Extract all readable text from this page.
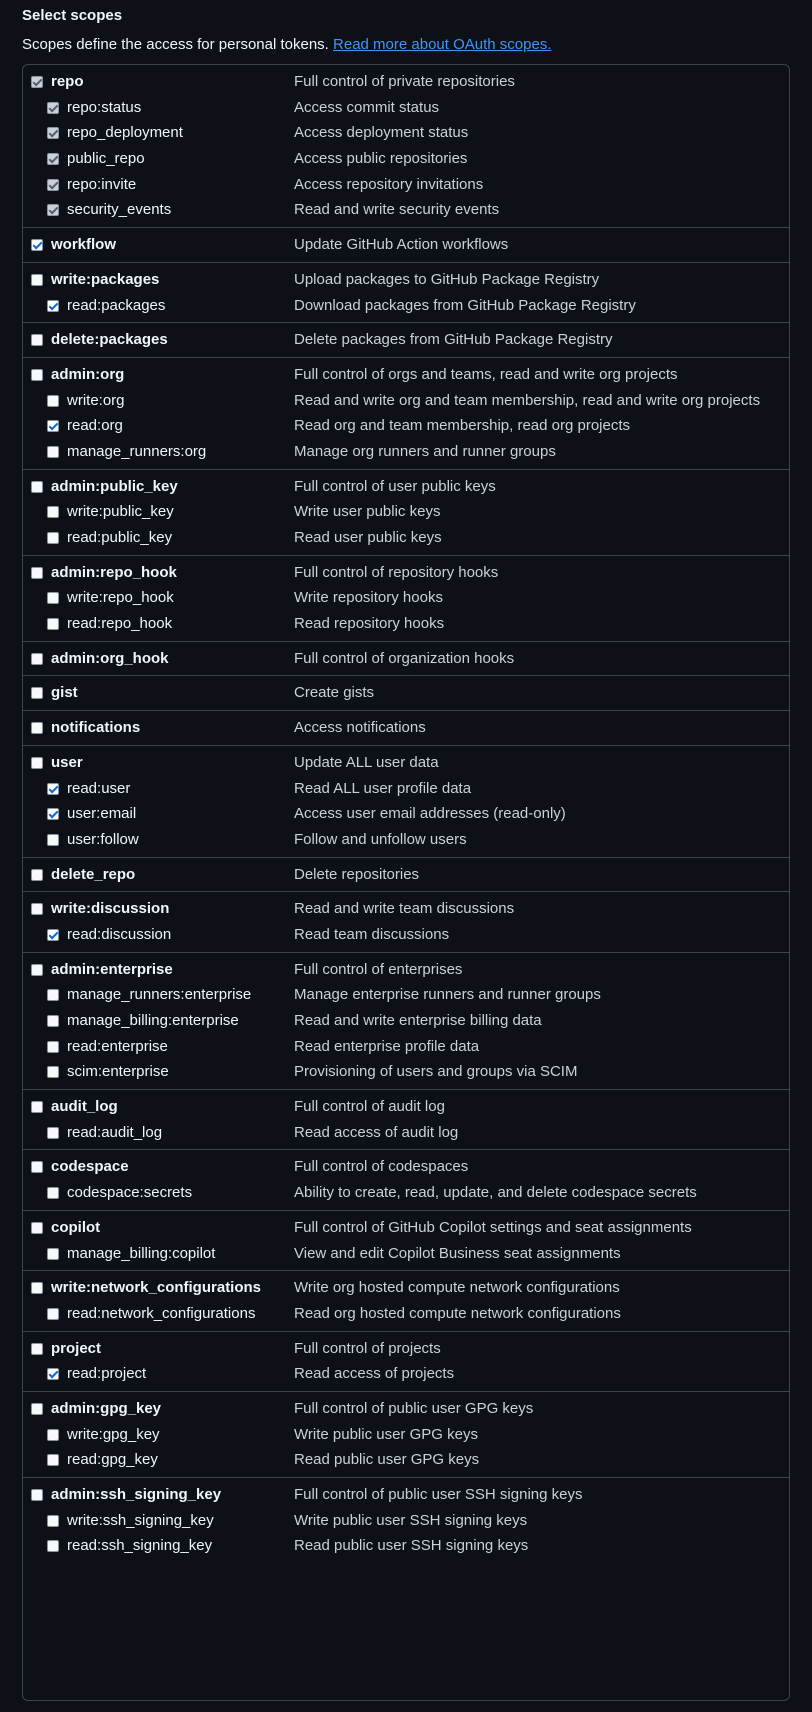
Select scopes
Scopes define the access for personal tokens. Read more about OAuth scopes.
repo	Full control of private repositories
repo:status	Access commit status
repo_deployment	Access deployment status
public_repo	Access public repositories
repo:invite	Access repository invitations
security_events	Read and write security events
workflow	Update GitHub Action workflows
write:packages	Upload packages to GitHub Package Registry
read:packages	Download packages from GitHub Package Registry
delete:packages	Delete packages from GitHub Package Registry
admin:org	Full control of orgs and teams, read and write org projects
write:org	Read and write org and team membership, read and write org projects
read:org	Read org and team membership, read org projects
manage_runners:org	Manage org runners and runner groups
admin:public_key	Full control of user public keys
write:public_key	Write user public keys
read:public_key	Read user public keys
admin:repo_hook	Full control of repository hooks
write:repo_hook	Write repository hooks
read:repo_hook	Read repository hooks
admin:org_hook	Full control of organization hooks
gist	Create gists
notifications	Access notifications
user	Update ALL user data
read:user	Read ALL user profile data
user:email	Access user email addresses (read-only)
user:follow	Follow and unfollow users
delete_repo	Delete repositories
write:discussion	Read and write team discussions
read:discussion	Read team discussions
admin:enterprise	Full control of enterprises
manage_runners:enterprise	Manage enterprise runners and runner groups
manage_billing:enterprise	Read and write enterprise billing data
read:enterprise	Read enterprise profile data
scim:enterprise	Provisioning of users and groups via SCIM
audit_log	Full control of audit log
read:audit_log	Read access of audit log
codespace	Full control of codespaces
codespace:secrets	Ability to create, read, update, and delete codespace secrets
copilot	Full control of GitHub Copilot settings and seat assignments
manage_billing:copilot	View and edit Copilot Business seat assignments
write:network_configurations Write org hosted compute network configurations
read:network_configurations	Read org hosted compute network configurations
project	Full control of projects
read:project	Read access of projects
admin:gpg_key	Full control of public user GPG keys
write:gpg_key	Write public user GPG keys
read:gpg_key	Read public user GPG keys
admin:ssh_signing_key	Full control of public user SSH signing keys
write:ssh_signing_key	Write public user SSH signing keys
read:ssh_signing_key	Read public user SSH signing keys
